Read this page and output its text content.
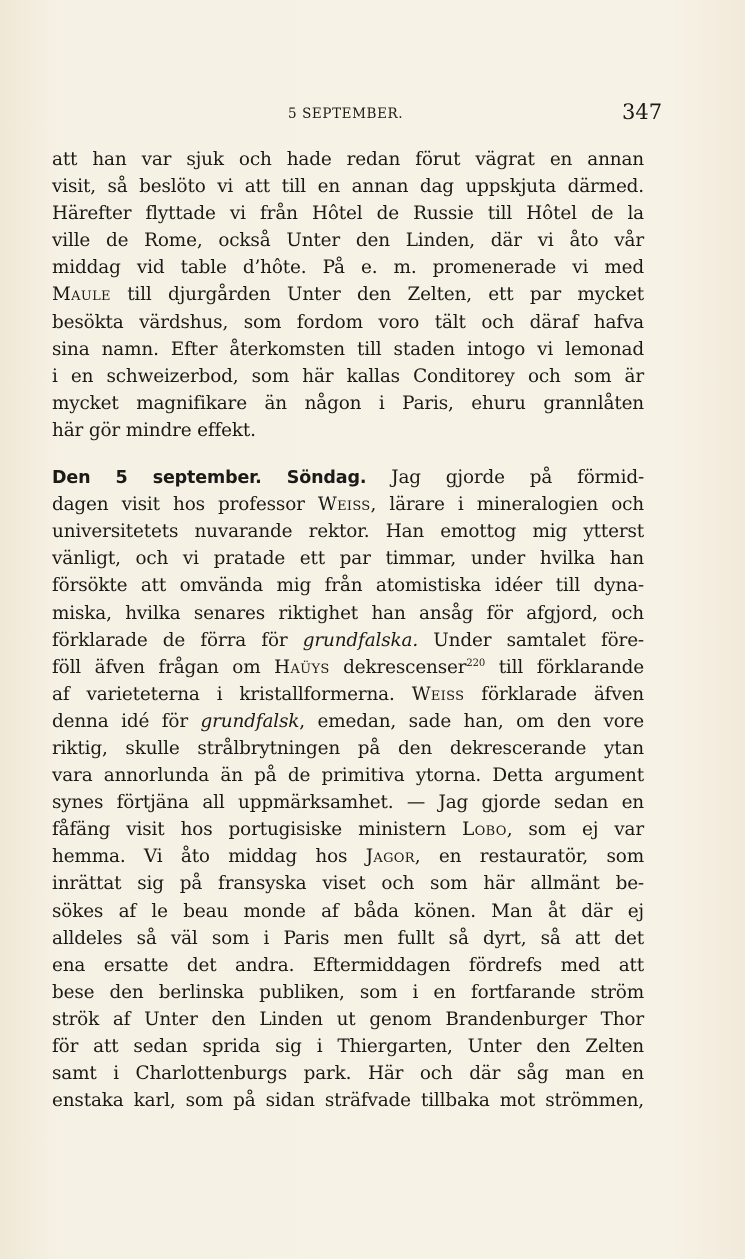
5 SEPTEMBER.	347
att han var sjuk och hade redan förut vägrat en annan
visit, så beslöto vi att till en annan dag uppskjuta därmed.
Härefter flyttade vi från Hôtel de Russie till Hôtel de la
ville de Rome, också Unter den Linden, där vi åto vår
middag vid table d’hôte. På e. m. promenerade vi med
Maule till djurgården Unter den Zelten, ett par mycket
besökta värdshus, som fordom voro tält och däraf hafva
sina namn. Efter återkomsten till staden intogo vi lemonad
i en schweizerbod, som här kallas Conditorey och som är
mycket magnifikare än någon i Paris, ehuru grannlåten
här gör mindre effekt.
Den 5 september. Söndag. Jag gjorde på förmid-
dagen visit hos professor Weiss, lärare i mineralogien och
universitetets nuvarande rektor. Han emottog mig ytterst
vänligt, och vi pratade ett par timmar, under hvilka han
försökte att omvända mig från atomistiska idéer till dyna-
miska, hvilka senares riktighet han ansåg för afgjord, och
förklarade de förra för grundfalska. Under samtalet före-
föll äfven frågan om Haüys dekrescenser$^{220}$ till förklarande
af varieteterna i kristallformerna. Weiss förklarade äfven
denna idé för grundfalsk, emedan, sade han, om den vore
riktig, skulle strålbrytningen på den dekrescerande ytan
vara annorlunda än på de primitiva ytorna. Detta argument
synes förtjäna all uppmärksamhet. — Jag gjorde sedan en
fåfäng visit hos portugisiske ministern Lobo, som ej var
hemma. Vi åto middag hos Jagor, en restauratör, som
inrättat sig på fransyska viset och som här allmänt be-
sökes af le beau monde af båda könen. Man åt där ej
alldeles så väl som i Paris men fullt så dyrt, så att det
ena ersatte det andra. Eftermiddagen fördrefs med att
bese den berlinska publiken, som i en fortfarande ström
strök af Unter den Linden ut genom Brandenburger Thor
för att sedan sprida sig i Thiergarten, Unter den Zelten
samt i Charlottenburgs park. Här och där såg man en
enstaka karl, som på sidan sträfvade tillbaka mot strömmen,
